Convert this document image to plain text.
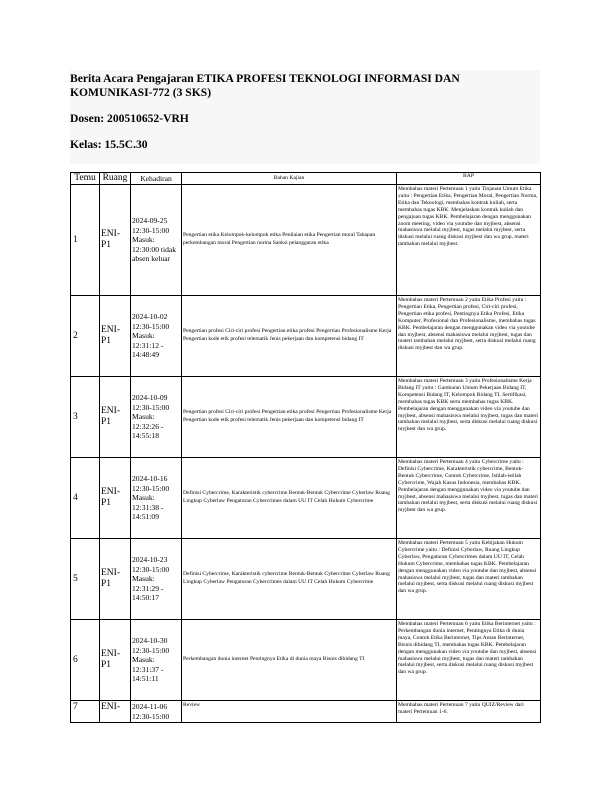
Berita Acara Pengajaran ETIKA PROFESI TEKNOLOGI INFORMASI DAN KOMUNIKASI-772 (3 SKS)

Dosen: 200510652-VRH

Kelas: 15.5C.30

Temu	Ruang	Kehadiran	Bahan Kajian	BAP
1	ENI-P1	2024-09-25 12:30-15:00 Masuk: 12:30:00 tidak absen keluar	Pengertian etika Kelompok-kelompok etika Penilaian etika Pengertian moral Tahapan perkembangan moral Pengertian norma Sanksi pelanggaran etika	Membahas materi Pertemuan 1 yaitu Tinjauan Umum Etika yaitu : Pengertian Etika, Pengertian Moral, Pengertian Norma, Etika dan Teknologi, membahas kontrak kuliah, serta membahas tugas KBK. Menjelaskan kontrak kuliah dan pengajuan tugas KBK. Pembelajaran dengan menggunakan zoom meeting, video via youtube dan myjbest, absensi mahasiswa melalui myjbest, tugas melalui myjbest, serta diskusi melalui ruang diskusi myjbest dan wa grup, materi tambahan melalui myjbest.
2	ENI-P1	2024-10-02 12:30-15:00 Masuk: 12:31:12 - 14:48:49	Pengertian profesi Ciri-ciri profesi Pengertian etika profesi Pengertian Profesionalisme Kerja Pengertian kode etik profesi telematik Jenis pekerjaan dan kompetensi bidang IT	Membahas materi Pertemuan 2 yaitu Etika Profesi yaitu : Pengertian Etika, Pengertian profesi, Ciri-ciri profesi, Pengertian etika profesi, Pentingnya Etika Profesi, Etika Komputer, Profesional dan Profesionalisme, membahas tugas KBK. Pembelajaran dengan menggunakan video via youtube dan myjbest, absensi mahasiswa melalui myjbest, tugas dan materi tambahan melalui myjbest, serta diskusi melalui ruang diskusi myjbest dan wa grup.
3	ENI-P1	2024-10-09 12:30-15:00 Masuk: 12:32:26 - 14:55:18	Pengertian profesi Ciri-ciri profesi Pengertian etika profesi Pengertian Profesionalisme Kerja Pengertian kode etik profesi telematik Jenis pekerjaan dan kompetensi bidang IT	Membahas materi Pertemuan 3 yaitu Profesionalisme Kerja Bidang IT yaitu : Gambaran Umum Pekerjaan Bidang IT, Kompetensi Bidang IT, Kelompok Bidang TI, Sertifikasi, membahas tugas KBK serta membahas tugas KBK. Pembelajaran dengan menggunakan video via youtube dan myjbest, absensi mahasiswa melalui myjbest, tugas dan materi tambahan melalui myjbest, serta diskusi melalui ruang diskusi myjbest dan wa grup.
4	ENI-P1	2024-10-16 12:30-15:00 Masuk: 12:31:38 - 14:51:09	Definisi Cybercrime, Karakteristik cybercrime Bentuk-Bentuk Cybercrime Cyberlaw Ruang Lingkup Cyberlaw Pengaturan Cybercrimes dalam UU IT Celah Hukum Cybercrime	Membahas materi Pertemuan 4 yaitu Cybercrime yaitu : Definisi Cybercrime, Karakteristik cybercrime, Bentuk-Bentuk Cybercrime, Contoh Cybercrime, Istilah-istilah Cybercrime, Wajah Kasus Indonesia, membahas KBK. Pembelajaran dengan menggunakan video via youtube dan myjbest, absensi mahasiswa melalui myjbest, tugas dan materi tambahan melalui myjbest, serta diskusi melalui ruang diskusi myjbest dan wa grup.
5	ENI-P1	2024-10-23 12:30-15:00 Masuk: 12:31:29 - 14:50:17	Definisi Cybercrime, Karakteristik cybercrime Bentuk-Bentuk Cybercrime Cyberlaw Ruang Lingkup Cyberlaw Pengaturan Cybercrimes dalam UU IT Celah Hukum Cybercrime	Membahas materi Pertemuan 5 yaitu Kebijakan Hukum Cybercrime yaitu : Definisi Cyberlaw, Ruang Lingkup Cyberlaw, Pengaturan Cybercrimes dalam UU IT, Celah Hukum Cybercrime, membahas tugas KBK. Pembelajaran dengan menggunakan video via youtube dan myjbest, absensi mahasiswa melalui myjbest, tugas dan materi tambahan melalui myjbest, serta diskusi melalui ruang diskusi myjbest dan wa grup.
6	ENI-P1	2024-10-30 12:30-15:00 Masuk: 12:31:37 - 14:51:11	Perkembangan dunia internet Pentingnya Etika di dunia maya Bisnis dibidang TI	Membahas materi Pertemuan 6 yaitu Etika Berinternet yaitu : Perkembangan dunia internet, Pentingnya Etika di dunia maya, Contoh Etika Berinternet, Tips Aman Berinternet, Bisnis dibidang TI, membahas tugas KBK. Pembelajaran dengan menggunakan video via youtube dan myjbest, absensi mahasiswa melalui myjbest, tugas dan materi tambahan melalui myjbest, serta diskusi melalui ruang diskusi myjbest dan wa grup.
7	ENI-	2024-11-06 12:30-15:00	Review	Membahas materi Pertemuan 7 yaitu QUIZ/Review dari materi Pertemuan 1-6.
